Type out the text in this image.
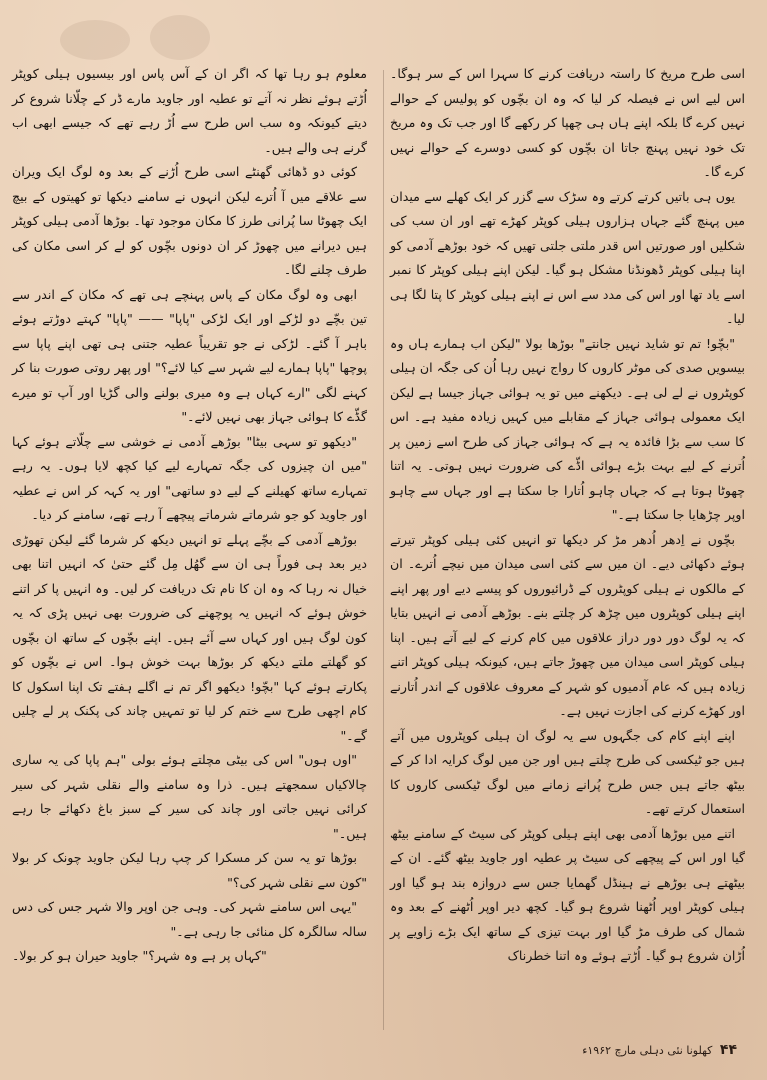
اسی طرح مریخ کا راستہ دریافت کرنے کا سہرا اس کے سر ہوگا۔ اس لیے اس نے فیصلہ کر لیا کہ وہ ان بچّوں کو پولیس کے حوالے نہیں کرے گا بلکہ اپنے ہاں ہی چھپا کر رکھے گا اور جب تک وہ مریخ تک خود نہیں پہنچ جاتا ان بچّوں کو کسی دوسرے کے حوالے نہیں کرے گا۔

یوں ہی باتیں کرتے کرتے وہ سڑک سے گزر کر ایک کھلے سے میدان میں پہنچ گئے جہاں ہزاروں ہیلی کوپٹر کھڑے تھے اور ان سب کی شکلیں اور صورتیں اس قدر ملتی جلتی تھیں کہ خود بوڑھے آدمی کو اپنا ہیلی کوپٹر ڈھونڈنا مشکل ہو گیا۔ لیکن اپنے ہیلی کوپٹر کا نمبر اسے یاد تھا اور اس کی مدد سے اس نے اپنے ہیلی کوپٹر کا پتا لگا ہی لیا۔

"بچّو! تم تو شاید نہیں جانتے" بوڑھا بولا "لیکن اب ہمارے ہاں وہ بیسویں صدی کی موٹر کاروں کا رواج نہیں رہا اُن کی جگہ ان ہیلی کوپٹروں نے لے لی ہے۔ دیکھنے میں تو یہ ہوائی جہاز جیسا ہے لیکن ایک معمولی ہوائی جہاز کے مقابلے میں کہیں زیادہ مفید ہے۔ اس کا سب سے بڑا فائدہ یہ ہے کہ ہوائی جہاز کی طرح اسے زمین پر اُترنے کے لیے بہت بڑے ہوائی اڈّے کی ضرورت نہیں ہوتی۔ یہ اتنا چھوٹا ہوتا ہے کہ جہاں چاہو اُتارا جا سکتا ہے اور جہاں سے چاہو اوپر چڑھایا جا سکتا ہے۔"

بچّوں نے اِدھر اُدھر مڑ کر دیکھا تو انہیں کئی ہیلی کوپٹر تیرتے ہوئے دکھائی دیے۔ ان میں سے کئی اسی میدان میں نیچے اُترے۔ ان کے مالکوں نے ہیلی کوپٹروں کے ڈرائیوروں کو پیسے دیے اور پھر اپنے اپنے ہیلی کوپٹروں میں چڑھ کر چلتے بنے۔ بوڑھے آدمی نے انہیں بتایا کہ یہ لوگ دور دور دراز علاقوں میں کام کرنے کے لیے آتے ہیں۔ اپنا ہیلی کوپٹر اسی میدان میں چھوڑ جاتے ہیں، کیونکہ ہیلی کوپٹر اتنے زیادہ ہیں کہ عام آدمیوں کو شہر کے معروف علاقوں کے اندر اُتارنے اور کھڑے کرنے کی اجازت نہیں ہے۔

اپنے اپنے کام کی جگہوں سے یہ لوگ ان ہیلی کوپٹروں میں آتے ہیں جو ٹیکسی کی طرح چلتے ہیں اور جن میں لوگ کرایہ ادا کر کے بیٹھ جاتے ہیں جس طرح پُرانے زمانے میں لوگ ٹیکسی کاروں کا استعمال کرتے تھے۔

اتنے میں بوڑھا آدمی بھی اپنے ہیلی کوپٹر کی سیٹ کے سامنے بیٹھ گیا اور اس کے پیچھے کی سیٹ پر عطیہ اور جاوید بیٹھ گئے۔ ان کے بیٹھتے ہی بوڑھے نے ہینڈل گھمایا جس سے دروازہ بند ہو گیا اور ہیلی کوپٹر اوپر اُٹھنا شروع ہو گیا۔ کچھ دیر اوپر اُٹھنے کے بعد وہ شمال کی طرف مڑ گیا اور بہت تیزی کے ساتھ ایک بڑے زاویے پر اُڑان شروع ہو گیا۔ اُڑتے ہوئے وہ اتنا خطرناک

معلوم ہو رہا تھا کہ اگر ان کے آس پاس اور بیسیوں ہیلی کوپٹر اُڑتے ہوئے نظر نہ آتے تو عطیہ اور جاوید مارے ڈر کے چلّانا شروع کر دیتے کیونکہ وہ سب اس طرح سے اُڑ رہے تھے کہ جیسے ابھی اب گرنے ہی والے ہیں۔

کوئی دو ڈھائی گھنٹے اسی طرح اُڑنے کے بعد وہ لوگ ایک ویران سے علاقے میں آ اُترے لیکن انہوں نے سامنے دیکھا تو کھیتوں کے بیچ ایک چھوٹا سا پُرانی طرز کا مکان موجود تھا۔ بوڑھا آدمی ہیلی کوپٹر ہیں دیرانے میں چھوڑ کر ان دونوں بچّوں کو لے کر اسی مکان کی طرف چلنے لگا۔

ابھی وہ لوگ مکان کے پاس پہنچے ہی تھے کہ مکان کے اندر سے تین بچّے دو لڑکے اور ایک لڑکی "پاپا" —— "پاپا" کہتے دوڑتے ہوئے باہر آ گئے۔ لڑکی نے جو تقریباً عطیہ جتنی ہی تھی اپنے پاپا سے پوچھا "پاپا ہمارے لیے شہر سے کیا لائے؟" اور پھر روتی صورت بنا کر کہنے لگی "ارے کہاں ہے وہ میری بولنے والی گڑیا اور آپ تو میرے گڈّے کا ہوائی جہاز بھی نہیں لائے۔"

"دیکھو تو سہی بیٹا" بوڑھے آدمی نے خوشی سے چلّاتے ہوئے کہا "میں ان چیزوں کی جگہ تمہارے لیے کیا کچھ لایا ہوں۔ یہ رہے تمہارے ساتھ کھیلنے کے لیے دو ساتھی" اور یہ کہہ کر اس نے عطیہ اور جاوید کو جو شرماتے شرماتے پیچھے آ رہے تھے، سامنے کر دیا۔

بوڑھے آدمی کے بچّے پہلے تو انہیں دیکھ کر شرما گئے لیکن تھوڑی دیر بعد ہی فوراً ہی ان سے گھُل مِل گئے حتیٰ کہ انہیں اتنا بھی خیال نہ رہا کہ وہ ان کا نام تک دریافت کر لیں۔ وہ انہیں پا کر اتنے خوش ہوئے کہ انہیں یہ پوچھنے کی ضرورت بھی نہیں پڑی کہ یہ کون لوگ ہیں اور کہاں سے آئے ہیں۔ اپنے بچّوں کے ساتھ ان بچّوں کو گھلتے ملتے دیکھ کر بوڑھا بہت خوش ہوا۔ اس نے بچّوں کو پکارتے ہوئے کہا "بچّو! دیکھو اگر تم نے اگلے ہفتے تک اپنا اسکول کا کام اچھی طرح سے ختم کر لیا تو تمہیں چاند کی پکنک پر لے چلیں گے۔"

"اوں ہوں" اس کی بیٹی مچلتے ہوئے بولی "ہم پاپا کی یہ ساری چالاکیاں سمجھتے ہیں۔ ذرا وہ سامنے والے نقلی شہر کی سیر کرائی نہیں جاتی اور چاند کی سیر کے سبز باغ دکھائے جا رہے ہیں۔"

بوڑھا تو یہ سن کر مسکرا کر چپ رہا لیکن جاوید چونک کر بولا "کون سے نقلی شہر کی؟"

"یہی اس سامنے شہر کی۔ وہی جن اوپر والا شہر جس کی دس سالہ سالگرہ کل منائی جا رہی ہے۔"

"کہاں پر ہے وہ شہر؟" جاوید حیران ہو کر بولا۔

۴۴ کھلونا نئی دہلی مارچ ۱۹۶۲ء
